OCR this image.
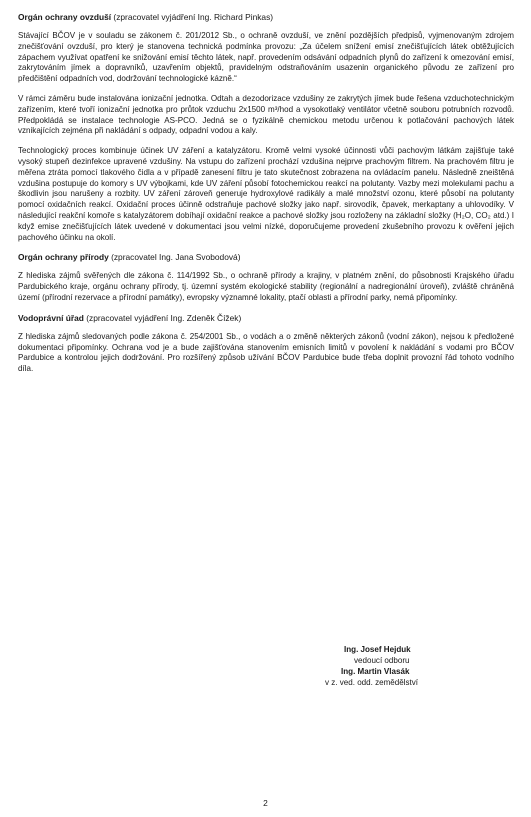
Orgán ochrany ovzduší (zpracovatel vyjádření Ing. Richard Pinkas)

Stávající BČOV je v souladu se zákonem č. 201/2012 Sb., o ochraně ovzduší, ve znění pozdějších předpisů, vyjmenovaným zdrojem znečišťování ovzduší, pro který je stanovena technická podmínka provozu: „Za účelem snížení emisí znečišťujících látek obtěžujících zápachem využívat opatření ke snižování emisí těchto látek, např. provedením odsávání odpadních plynů do zařízení k omezování emisí, zakrytováním jímek a dopravníků, uzavřením objektů, pravidelným odstraňováním usazenin organického původu ze zařízení pro předčištění odpadních vod, dodržování technologické kázně.“

V rámci záměru bude instalována ionizační jednotka. Odtah a dezodorizace vzdušiny ze zakrytých jímek bude řešena vzduchotechnickým zařízením, které tvoří ionizační jednotka pro průtok vzduchu 2x1500 m³/hod a vysokotlaký ventilátor včetně souboru potrubních rozvodů. Předpokládá se instalace technologie AS-PCO. Jedná se o fyzikálně chemickou metodu určenou k potlačování pachových látek vznikajících zejména při nakládání s odpady, odpadní vodou a kaly.

Technologický proces kombinuje účinek UV záření a katalyzátoru. Kromě velmi vysoké účinnosti vůči pachovým látkám zajišťuje také vysoký stupeň dezinfekce upravené vzdušiny. Na vstupu do zařízení prochází vzdušina nejprve prachovým filtrem. Na prachovém filtru je měřena ztráta pomocí tlakového čidla a v případě zanesení filtru je tato skutečnost zobrazena na ovládacím panelu. Následně zneištěná vzdušina postupuje do komory s UV výbojkami, kde UV záření působí fotochemickou reakcí na polutanty. Vazby mezi molekulami pachu a škodlivin jsou narušeny a rozbity. UV záření zároveň generuje hydroxylové radikály a malé množství ozonu, které působí na polutanty pomocí oxidačních reakcí. Oxidační proces účinně odstraňuje pachové složky jako např. sirovodík, čpavek, merkaptany a uhlovodíky. V následující reakční komoře s katalyzátorem dobíhají oxidační reakce a pachové složky jsou rozloženy na základní složky (H₂O, CO₂ atd.) I když emise znečišťujících látek uvedené v dokumentaci jsou velmi nízké, doporučujeme provedení zkušebního provozu k ověření jejich pachového účinku na okolí.

Orgán ochrany přírody (zpracovatel Ing. Jana Svobodová)

Z hlediska zájmů svěřených dle zákona č. 114/1992 Sb., o ochraně přírody a krajiny, v platném znění, do působnosti Krajského úřadu Pardubického kraje, orgánu ochrany přírody, tj. územní systém ekologické stability (regionální a nadregionální úroveň), zvláště chráněná území (přírodní rezervace a přírodní památky), evropsky významné lokality, ptačí oblasti a přírodní parky, nemá připomínky.

Vodoprávní úřad (zpracovatel vyjádření Ing. Zdeněk Čížek)

Z hlediska zájmů sledovaných podle zákona č. 254/2001 Sb., o vodách a o změně některých zákonů (vodní zákon), nejsou k předložené dokumentaci připomínky. Ochrana vod je a bude zajišťována stanovením emisních limitů v povolení k nakládání s vodami pro BČOV Pardubice a kontrolou jejich dodržování. Pro rozšířený způsob užívání BČOV Pardubice bude třeba doplnit provozní řád tohoto vodního díla.

Ing. Josef Hejduk
vedoucí odboru
Ing. Martin Vlasák
v z. ved. odd. zemědělství
2
